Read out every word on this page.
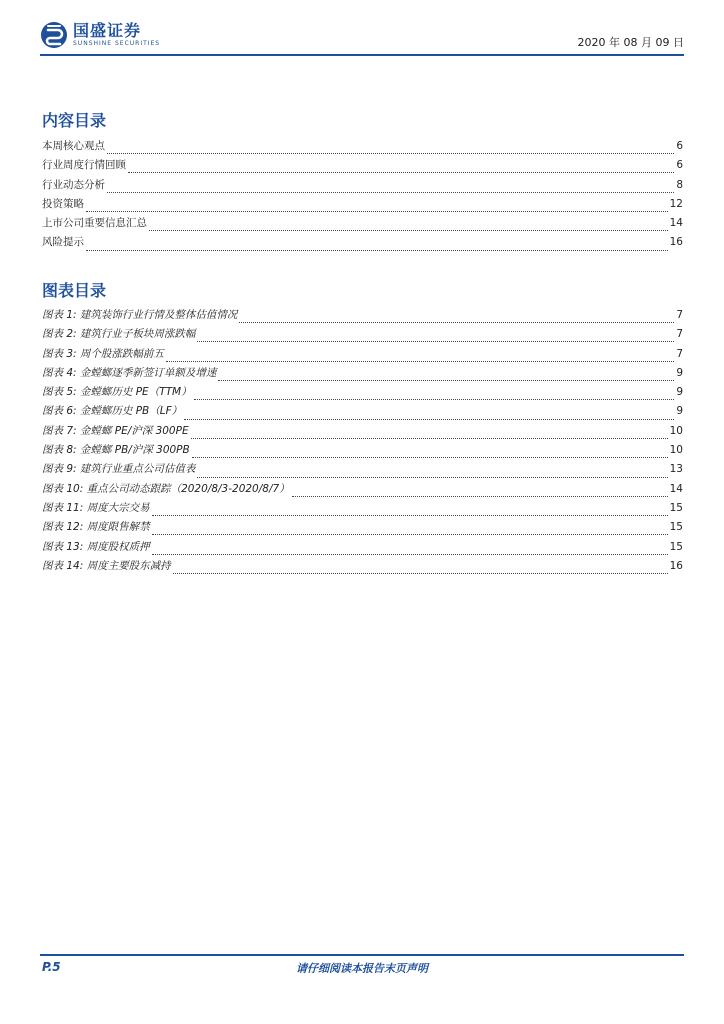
国盛证券
SUNSHINE SECURITIES	2020 年 08 月 09 日
内容目录
本周核心观点	6
行业周度行情回顾	6
行业动态分析	8
投资策略	12
上市公司重要信息汇总	14
风险提示	16
图表目录
图表 1: 建筑装饰行业行情及整体估值情况	7
图表 2: 建筑行业子板块周涨跌幅	7
图表 3: 周个股涨跌幅前五	7
图表 4: 金螳螂逐季新签订单额及增速	9
图表 5: 金螳螂历史 PE（TTM）	9
图表 6: 金螳螂历史 PB（LF）	9
图表 7: 金螳螂 PE/沪深 300PE	10
图表 8: 金螳螂 PB/沪深 300PB	10
图表 9: 建筑行业重点公司估值表	13
图表 10: 重点公司动态跟踪（2020/8/3-2020/8/7）	14
图表 11: 周度大宗交易	15
图表 12: 周度限售解禁	15
图表 13: 周度股权质押	15
图表 14: 周度主要股东减持	16
P.5	请仔细阅读本报告末页声明
